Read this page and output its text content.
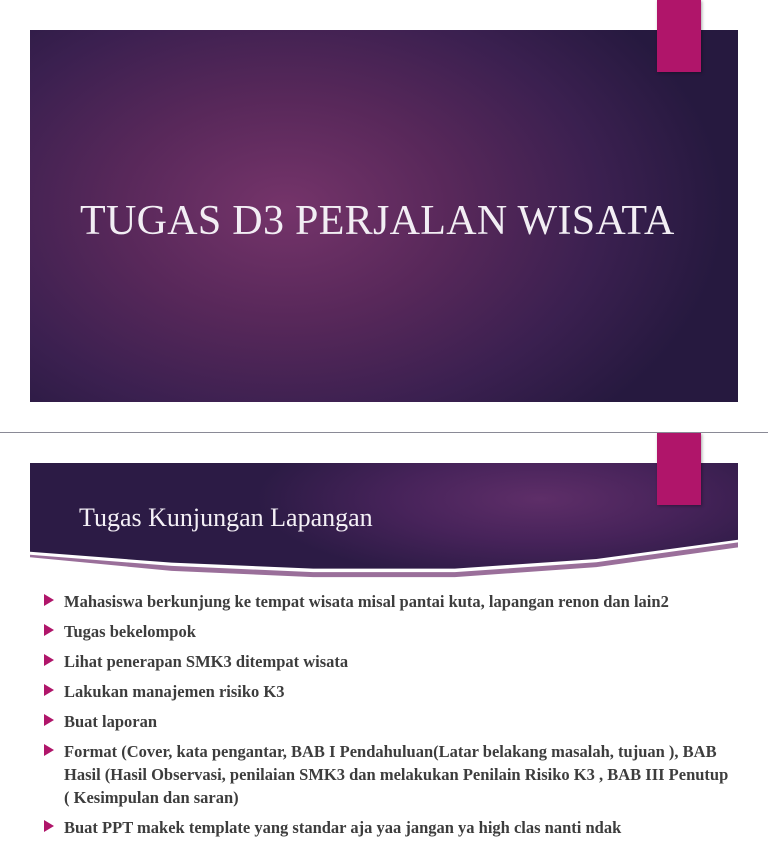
TUGAS D3 PERJALAN WISATA
Tugas Kunjungan Lapangan
Mahasiswa berkunjung ke tempat wisata misal pantai kuta, lapangan renon dan lain2
Tugas bekelompok
Lihat penerapan SMK3 ditempat wisata
Lakukan manajemen risiko K3
Buat laporan
Format (Cover, kata pengantar, BAB I Pendahuluan(Latar belakang masalah, tujuan ), BAB Hasil (Hasil Observasi, penilaian SMK3 dan melakukan Penilain Risiko K3 , BAB III Penutup ( Kesimpulan dan saran)
Buat PPT makek template yang standar aja yaa jangan ya high clas nanti ndak
